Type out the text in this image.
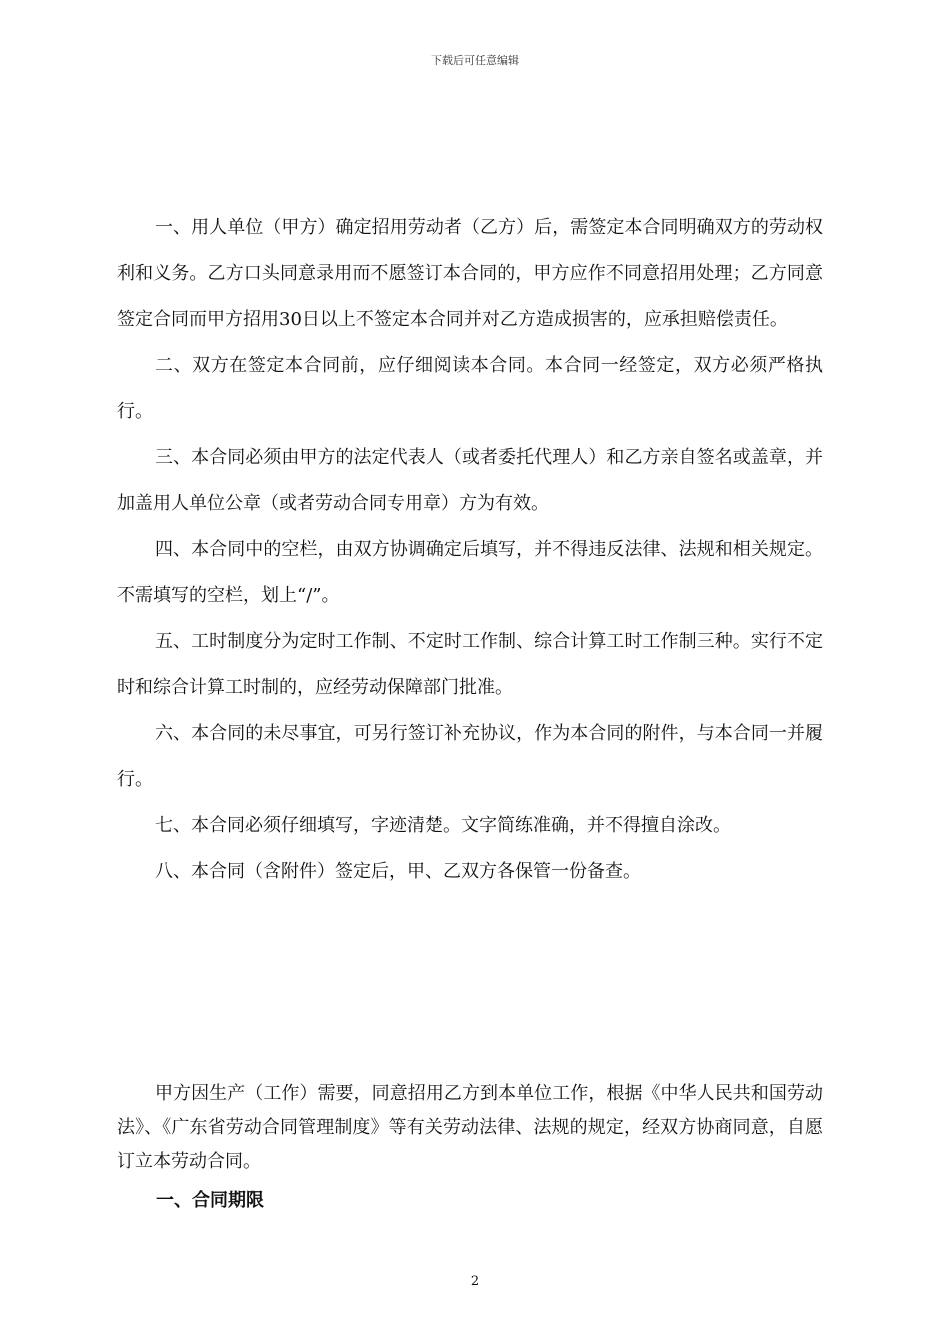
下载后可任意编辑

一、用人单位（甲方）确定招用劳动者（乙方）后，需签定本合同明确双方的劳动权利和义务。乙方口头同意录用而不愿签订本合同的，甲方应作不同意招用处理；乙方同意签定合同而甲方招用30日以上不签定本合同并对乙方造成损害的，应承担赔偿责任。

二、双方在签定本合同前，应仔细阅读本合同。本合同一经签定，双方必须严格执行。

三、本合同必须由甲方的法定代表人（或者委托代理人）和乙方亲自签名或盖章，并加盖用人单位公章（或者劳动合同专用章）方为有效。

四、本合同中的空栏，由双方协调确定后填写，并不得违反法律、法规和相关规定。不需填写的空栏，划上“/”。

五、工时制度分为定时工作制、不定时工作制、综合计算工时工作制三种。实行不定时和综合计算工时制的，应经劳动保障部门批准。

六、本合同的未尽事宜，可另行签订补充协议，作为本合同的附件，与本合同一并履行。

七、本合同必须仔细填写，字迹清楚。文字简练准确，并不得擅自涂改。

八、本合同（含附件）签定后，甲、乙双方各保管一份备查。

甲方因生产（工作）需要，同意招用乙方到本单位工作，根据《中华人民共和国劳动法》、《广东省劳动合同管理制度》等有关劳动法律、法规的规定，经双方协商同意，自愿订立本劳动合同。

一、合同期限

2
